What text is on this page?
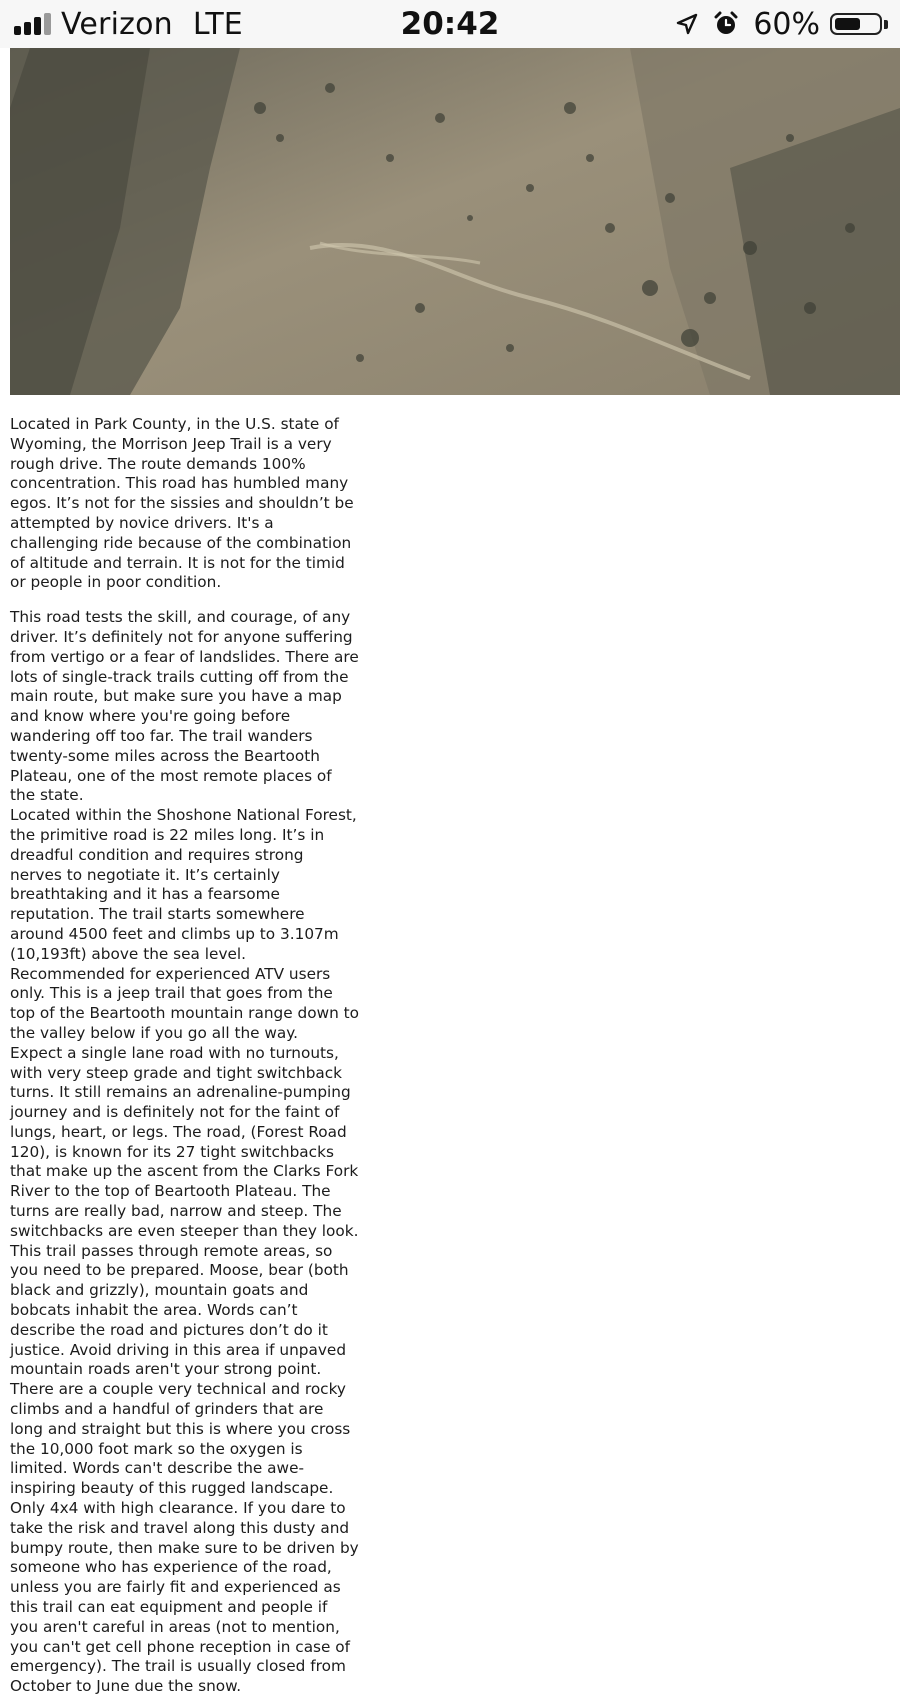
Verizon LTE	20:42	60%

Located in Park County, in the U.S. state of Wyoming, the Morrison Jeep Trail is a very rough drive. The route demands 100% concentration. This road has humbled many egos. It’s not for the sissies and shouldn’t be attempted by novice drivers. It's a challenging ride because of the combination of altitude and terrain. It is not for the timid or people in poor condition.

This road tests the skill, and courage, of any driver. It’s definitely not for anyone suffering from vertigo or a fear of landslides. There are lots of single-track trails cutting off from the main route, but make sure you have a map and know where you're going before wandering off too far. The trail wanders twenty-some miles across the Beartooth Plateau, one of the most remote places of the state.

Located within the Shoshone National Forest, the primitive road is 22 miles long. It’s in dreadful condition and requires strong nerves to negotiate it. It’s certainly breathtaking and it has a fearsome reputation. The trail starts somewhere around 4500 feet and climbs up to 3.107m (10,193ft) above the sea level. Recommended for experienced ATV users only. This is a jeep trail that goes from the top of the Beartooth mountain range down to the valley below if you go all the way.

Expect a single lane road with no turnouts, with very steep grade and tight switchback turns. It still remains an adrenaline-pumping journey and is definitely not for the faint of lungs, heart, or legs. The road, (Forest Road 120), is known for its 27 tight switchbacks that make up the ascent from the Clarks Fork River to the top of Beartooth Plateau. The turns are really bad, narrow and steep. The switchbacks are even steeper than they look.

This trail passes through remote areas, so you need to be prepared. Moose, bear (both black and grizzly), mountain goats and bobcats inhabit the area. Words can’t describe the road and pictures don’t do it justice. Avoid driving in this area if unpaved mountain roads aren't your strong point. There are a couple very technical and rocky climbs and a handful of grinders that are long and straight but this is where you cross the 10,000 foot mark so the oxygen is limited. Words can't describe the awe-inspiring beauty of this rugged landscape. Only 4x4 with high clearance. If you dare to take the risk and travel along this dusty and bumpy route, then make sure to be driven by someone who has experience of the road, unless you are fairly fit and experienced as this trail can eat equipment and people if you aren't careful in areas (not to mention, you can't get cell phone reception in case of emergency). The trail is usually closed from October to June due the snow.
